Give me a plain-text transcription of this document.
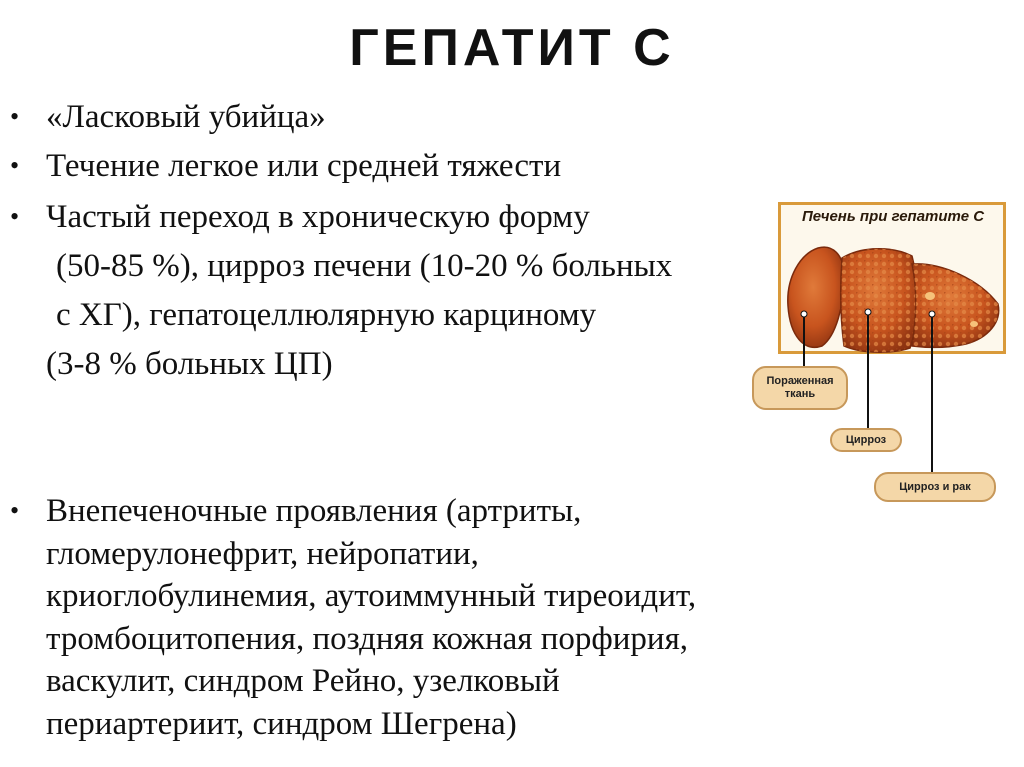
ГЕПАТИТ С
• «Ласковый убийца»
• Течение легкое или средней тяжести
• Частый переход в хроническую форму
(50-85 %), цирроз печени (10-20 % больных
с ХГ), гепатоцеллюлярную карциному
(3-8 % больных ЦП)
• Внепеченочные проявления (артриты,
гломерулонефрит, нейропатии,
криоглобулинемия, аутоиммунный тиреоидит,
тромбоцитопения, поздняя кожная порфирия,
васкулит, синдром Рейно, узелковый
периартериит, синдром Шегрена)
Печень при гепатите С
Пораженная
ткань
Цирроз
Цирроз и рак
